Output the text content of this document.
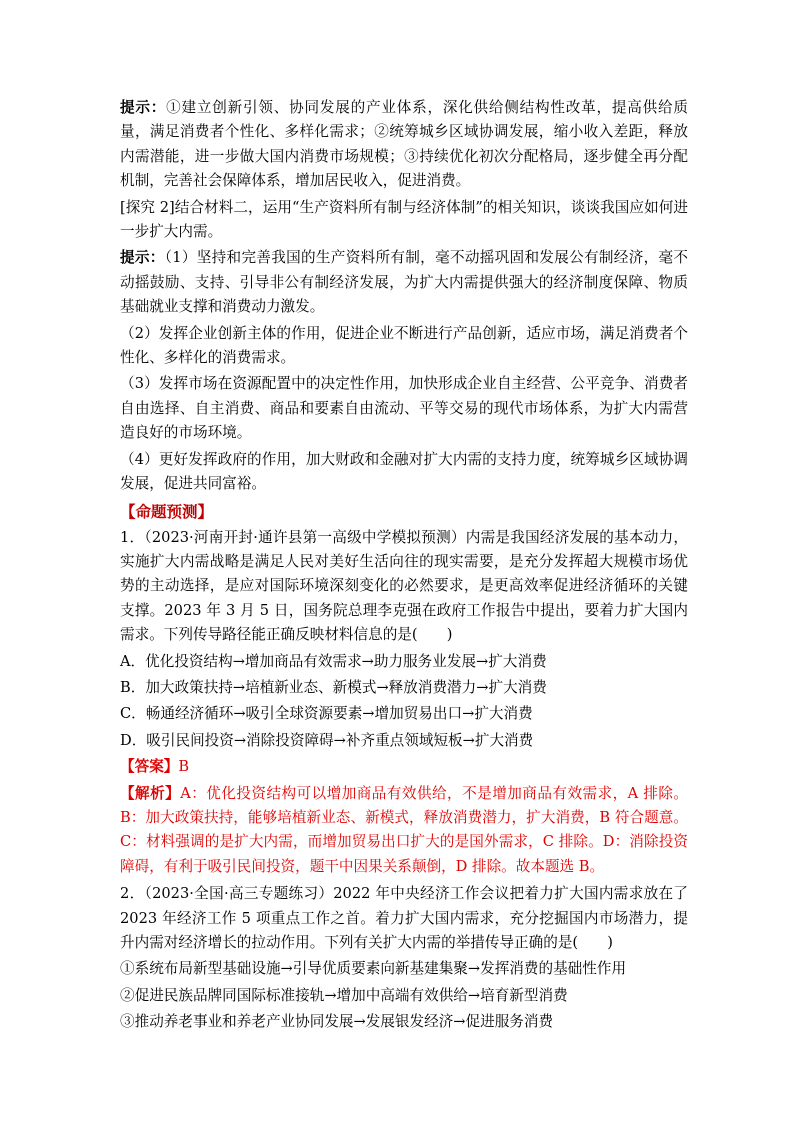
提示：①建立创新引领、协同发展的产业体系，深化供给侧结构性改革，提高供给质量，满足消费者个性化、多样化需求；②统筹城乡区域协调发展，缩小收入差距，释放内需潜能，进一步做大国内消费市场规模；③持续优化初次分配格局，逐步健全再分配机制，完善社会保障体系，增加居民收入，促进消费。

[探究 2]结合材料二，运用“生产资料所有制与经济体制”的相关知识，谈谈我国应如何进一步扩大内需。

提示：（1）坚持和完善我国的生产资料所有制，毫不动摇巩固和发展公有制经济，毫不动摇鼓励、支持、引导非公有制经济发展，为扩大内需提供强大的经济制度保障、物质基础就业支撑和消费动力激发。

（2）发挥企业创新主体的作用，促进企业不断进行产品创新，适应市场，满足消费者个性化、多样化的消费需求。

（3）发挥市场在资源配置中的决定性作用，加快形成企业自主经营、公平竞争、消费者自由选择、自主消费、商品和要素自由流动、平等交易的现代市场体系，为扩大内需营造良好的市场环境。

（4）更好发挥政府的作用，加大财政和金融对扩大内需的支持力度，统筹城乡区域协调发展，促进共同富裕。

【命题预测】

1．（2023·河南开封·通许县第一高级中学模拟预测）内需是我国经济发展的基本动力，实施扩大内需战略是满足人民对美好生活向往的现实需要，是充分发挥超大规模市场优势的主动选择，是应对国际环境深刻变化的必然要求，是更高效率促进经济循环的关键支撑。2023 年 3 月 5 日，国务院总理李克强在政府工作报告中提出，要着力扩大国内需求。下列传导路径能正确反映材料信息的是(　　)

A．优化投资结构→增加商品有效需求→助力服务业发展→扩大消费

B．加大政策扶持→培植新业态、新模式→释放消费潜力→扩大消费

C．畅通经济循环→吸引全球资源要素→增加贸易出口→扩大消费

D．吸引民间投资→消除投资障碍→补齐重点领域短板→扩大消费

【答案】B

【解析】A：优化投资结构可以增加商品有效供给，不是增加商品有效需求，A 排除。B：加大政策扶持，能够培植新业态、新模式，释放消费潜力，扩大消费，B 符合题意。C：材料强调的是扩大内需，而增加贸易出口扩大的是国外需求，C 排除。D：消除投资障碍，有利于吸引民间投资，题干中因果关系颠倒，D 排除。故本题选 B。

2．（2023·全国·高三专题练习）2022 年中央经济工作会议把着力扩大国内需求放在了 2023 年经济工作 5 项重点工作之首。着力扩大国内需求，充分挖掘国内市场潜力，提升内需对经济增长的拉动作用。下列有关扩大内需的举措传导正确的是(　　)

①系统布局新型基础设施→引导优质要素向新基建集聚→发挥消费的基础性作用

②促进民族品牌同国际标准接轨→增加中高端有效供给→培育新型消费

③推动养老事业和养老产业协同发展→发展银发经济→促进服务消费
